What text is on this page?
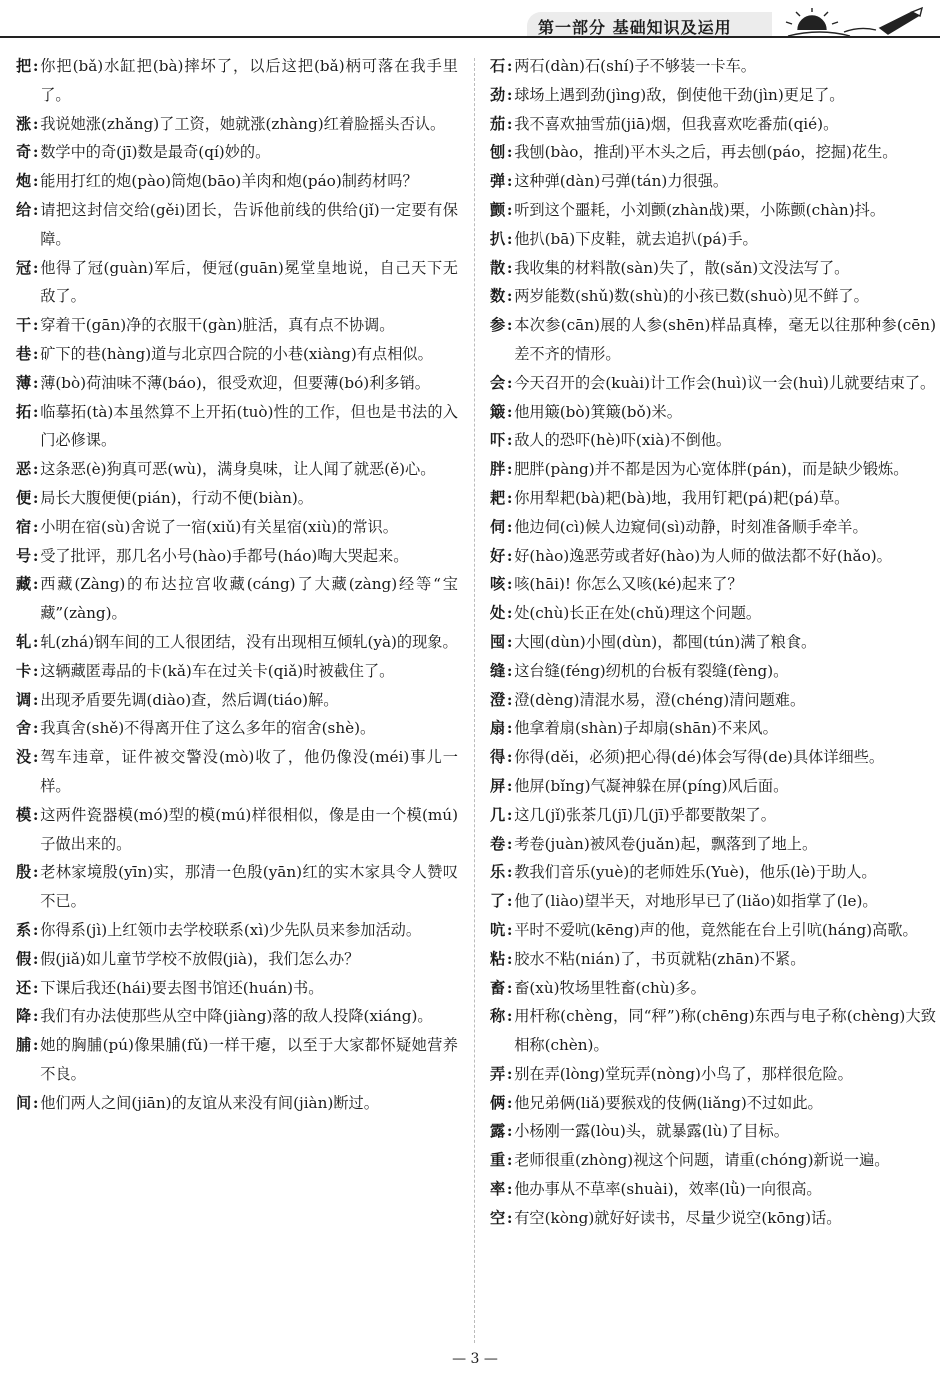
第一部分 基础知识及运用
把 : 你把(bǎ)水缸把(bà)摔坏了，以后这把(bǎ)柄可落在我手里了。
涨 : 我说她涨(zhǎng)了工资，她就涨(zhàng)红着脸摇头否认。
奇 : 数学中的奇(jī)数是最奇(qí)妙的。
炮 : 能用打红的炮(pào)筒炮(bāo)羊肉和炮(páo)制药材吗？
给 : 请把这封信交给(gěi)团长，告诉他前线的供给(jǐ)一定要有保障。
冠 : 他得了冠(guàn)军后，便冠(guān)冕堂皇地说，自己天下无敌了。
干 : 穿着干(gān)净的衣服干(gàn)脏活，真有点不协调。
巷 : 矿下的巷(hàng)道与北京四合院的小巷(xiàng)有点相似。
薄 : 薄(bò)荷油味不薄(báo)，很受欢迎，但要薄(bó)利多销。
拓 : 临摹拓(tà)本虽然算不上开拓(tuò)性的工作，但也是书法的入门必修课。
恶 : 这条恶(è)狗真可恶(wù)，满身臭味，让人闻了就恶(ě)心。
便 : 局长大腹便便(pián)，行动不便(biàn)。
宿 : 小明在宿(sù)舍说了一宿(xiǔ)有关星宿(xiù)的常识。
号 : 受了批评，那几名小号(hào)手都号(háo)啕大哭起来。
藏 : 西藏(Zàng)的布达拉宫收藏(cáng)了大藏(zàng)经等“宝藏”(zàng)。
轧 : 轧(zhá)钢车间的工人很团结，没有出现相互倾轧(yà)的现象。
卡 : 这辆藏匿毒品的卡(kǎ)车在过关卡(qiǎ)时被截住了。
调 : 出现矛盾要先调(diào)查，然后调(tiáo)解。
舍 : 我真舍(shě)不得离开住了这么多年的宿舍(shè)。
没 : 驾车违章，证件被交警没(mò)收了，他仍像没(méi)事儿一样。
模 : 这两件瓷器模(mó)型的模(mú)样很相似，像是由一个模(mú)子做出来的。
殷 : 老林家境殷(yīn)实，那清一色殷(yān)红的实木家具令人赞叹不已。
系 : 你得系(jì)上红领巾去学校联系(xì)少先队员来参加活动。
假 : 假(jiǎ)如儿童节学校不放假(jià)，我们怎么办？
还 : 下课后我还(hái)要去图书馆还(huán)书。
降 : 我们有办法使那些从空中降(jiàng)落的敌人投降(xiáng)。
脯 : 她的胸脯(pú)像果脯(fǔ)一样干瘪，以至于大家都怀疑她营养不良。
间 : 他们两人之间(jiān)的友谊从来没有间(jiàn)断过。
石 : 两石(dàn)石(shí)子不够装一卡车。
劲 : 球场上遇到劲(jìng)敌，倒使他干劲(jìn)更足了。
茄 : 我不喜欢抽雪茄(jiā)烟，但我喜欢吃番茄(qié)。
刨 : 我刨(bào，推刮)平木头之后，再去刨(páo，挖掘)花生。
弹 : 这种弹(dàn)弓弹(tán)力很强。
颤 : 听到这个噩耗，小刘颤(zhàn战)栗，小陈颤(chàn)抖。
扒 : 他扒(bā)下皮鞋，就去追扒(pá)手。
散 : 我收集的材料散(sàn)失了，散(sǎn)文没法写了。
数 : 两岁能数(shǔ)数(shù)的小孩已数(shuò)见不鲜了。
参 : 本次参(cān)展的人参(shēn)样品真棒，毫无以往那种参(cēn)差不齐的情形。
会 : 今天召开的会(kuài)计工作会(huì)议一会(huì)儿就要结束了。
簸 : 他用簸(bò)箕簸(bǒ)米。
吓 : 敌人的恐吓(hè)吓(xià)不倒他。
胖 : 肥胖(pàng)并不都是因为心宽体胖(pán)，而是缺少锻炼。
耙 : 你用犁耙(bà)耙(bà)地，我用钉耙(pá)耙(pá)草。
伺 : 他边伺(cì)候人边窥伺(sì)动静，时刻准备顺手牵羊。
好 : 好(hào)逸恶劳或者好(hào)为人师的做法都不好(hǎo)。
咳 : 咳(hāi)! 你怎么又咳(ké)起来了？
处 : 处(chù)长正在处(chǔ)理这个问题。
囤 : 大囤(dùn)小囤(dùn)，都囤(tún)满了粮食。
缝 : 这台缝(féng)纫机的台板有裂缝(fèng)。
澄 : 澄(dèng)清混水易，澄(chéng)清问题难。
扇 : 他拿着扇(shàn)子却扇(shān)不来风。
得 : 你得(děi，必须)把心得(dé)体会写得(de)具体详细些。
屏 : 他屏(bǐng)气凝神躲在屏(píng)风后面。
几 : 这几(jǐ)张茶几(jī)几(jī)乎都要散架了。
卷 : 考卷(juàn)被风卷(juǎn)起，飘落到了地上。
乐 : 教我们音乐(yuè)的老师姓乐(Yuè)，他乐(lè)于助人。
了 : 他了(liào)望半天，对地形早已了(liǎo)如指掌了(le)。
吭 : 平时不爱吭(kēng)声的他，竟然能在台上引吭(háng)高歌。
粘 : 胶水不粘(nián)了，书页就粘(zhān)不紧。
畜 : 畜(xù)牧场里牲畜(chù)多。
称 : 用杆称(chèng，同“秤”)称(chēng)东西与电子称(chèng)大致相称(chèn)。
弄 : 别在弄(lòng)堂玩弄(nòng)小鸟了，那样很危险。
俩 : 他兄弟俩(liǎ)要猴戏的伎俩(liǎng)不过如此。
露 : 小杨刚一露(lòu)头，就暴露(lù)了目标。
重 : 老师很重(zhòng)视这个问题，请重(chóng)新说一遍。
率 : 他办事从不草率(shuài)，效率(lǜ)一向很高。
空 : 有空(kòng)就好好读书，尽量少说空(kōng)话。
— 3 —
